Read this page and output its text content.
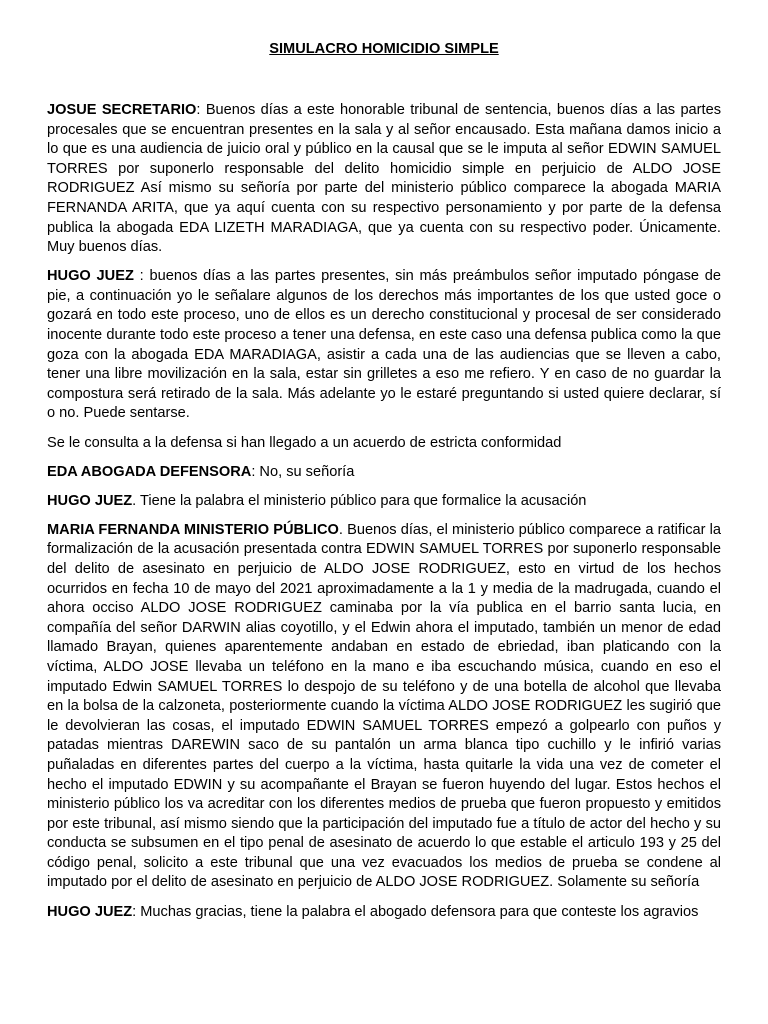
SIMULACRO HOMICIDIO SIMPLE

JOSUE SECRETARIO: Buenos días a este honorable tribunal de sentencia, buenos días a las partes procesales que se encuentran presentes en la sala y al señor encausado. Esta mañana damos inicio a lo que es una audiencia de juicio oral y público en la causal que se le imputa al señor EDWIN SAMUEL TORRES por suponerlo responsable del delito homicidio simple en perjuicio de ALDO JOSE RODRIGUEZ Así mismo su señoría por parte del ministerio público comparece la abogada MARIA FERNANDA ARITA, que ya aquí cuenta con su respectivo personamiento y por parte de la defensa publica la abogada EDA LIZETH MARADIAGA, que ya cuenta con su respectivo poder. Únicamente. Muy buenos días.

HUGO JUEZ : buenos días a las partes presentes, sin más preámbulos señor imputado póngase de pie, a continuación yo le señalare algunos de los derechos más importantes de los que usted goce o gozará en todo este proceso, uno de ellos es un derecho constitucional y procesal de ser considerado inocente durante todo este proceso a tener una defensa, en este caso una defensa publica como la que goza con la abogada EDA MARADIAGA, asistir a cada una de las audiencias que se lleven a cabo, tener una libre movilización en la sala, estar sin grilletes a eso me refiero. Y en caso de no guardar la compostura será retirado de la sala. Más adelante yo le estaré preguntando si usted quiere declarar, sí o no. Puede sentarse.

Se le consulta a la defensa si han llegado a un acuerdo de estricta conformidad

EDA ABOGADA DEFENSORA: No, su señoría

HUGO JUEZ. Tiene la palabra el ministerio público para que formalice la acusación

MARIA FERNANDA MINISTERIO PÚBLICO. Buenos días, el ministerio público comparece a ratificar la formalización de la acusación presentada contra EDWIN SAMUEL TORRES por suponerlo responsable del delito de asesinato en perjuicio de ALDO JOSE RODRIGUEZ, esto en virtud de los hechos ocurridos en fecha 10 de mayo del 2021 aproximadamente a la 1 y media de la madrugada, cuando el ahora occiso ALDO JOSE RODRIGUEZ caminaba por la vía publica en el barrio santa lucia, en compañía del señor DARWIN alias coyotillo, y el Edwin ahora el imputado, también un menor de edad llamado Brayan, quienes aparentemente andaban en estado de ebriedad, iban platicando con la víctima, ALDO JOSE llevaba un teléfono en la mano e iba escuchando música, cuando en eso el imputado Edwin SAMUEL TORRES lo despojo de su teléfono y de una botella de alcohol que llevaba en la bolsa de la calzoneta, posteriormente cuando la víctima ALDO JOSE RODRIGUEZ les sugirió que le devolvieran las cosas, el imputado EDWIN SAMUEL TORRES empezó a golpearlo con puños y patadas mientras DAREWIN saco de su pantalón un arma blanca tipo cuchillo y le infirió varias puñaladas en diferentes partes del cuerpo a la víctima, hasta quitarle la vida una vez de cometer el hecho el imputado EDWIN y su acompañante el Brayan se fueron huyendo del lugar. Estos hechos el ministerio público los va acreditar con los diferentes medios de prueba que fueron propuesto y emitidos por este tribunal, así mismo siendo que la participación del imputado fue a título de actor del hecho y su conducta se subsumen en el tipo penal de asesinato de acuerdo lo que estable el articulo 193 y 25 del código penal, solicito a este tribunal que una vez evacuados los medios de prueba se condene al imputado por el delito de asesinato en perjuicio de ALDO JOSE RODRIGUEZ. Solamente su señoría

HUGO JUEZ: Muchas gracias, tiene la palabra el abogado defensora para que conteste los agravios
